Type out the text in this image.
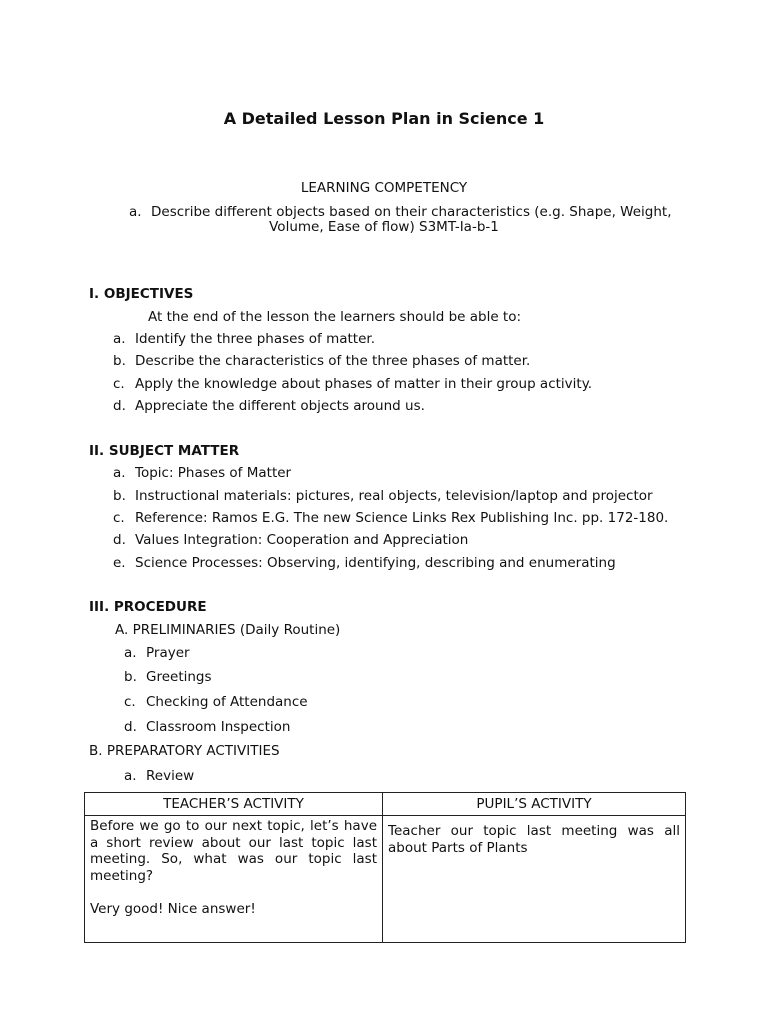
A Detailed Lesson Plan in Science 1
LEARNING COMPETENCY
a. Describe different objects based on their characteristics (e.g. Shape, Weight,
Volume, Ease of flow) S3MT-Ia-b-1
I. OBJECTIVES
At the end of the lesson the learners should be able to:
a. Identify the three phases of matter.
b. Describe the characteristics of the three phases of matter.
c. Apply the knowledge about phases of matter in their group activity.
d. Appreciate the different objects around us.
II. SUBJECT MATTER
a. Topic: Phases of Matter
b. Instructional materials: pictures, real objects, television/laptop and projector
c. Reference: Ramos E.G. The new Science Links Rex Publishing Inc. pp. 172-180.
d. Values Integration: Cooperation and Appreciation
e. Science Processes: Observing, identifying, describing and enumerating
III. PROCEDURE
A. PRELIMINARIES (Daily Routine)
a. Prayer
b. Greetings
c. Checking of Attendance
d. Classroom Inspection
B. PREPARATORY ACTIVITIES
a. Review
TEACHER’S ACTIVITY	PUPIL’S ACTIVITY

Before we go to our next topic, let’s have a short review about our last topic last meeting. So, what was our topic last meeting?

Very good! Nice answer!	Teacher our topic last meeting was all about Parts of Plants
